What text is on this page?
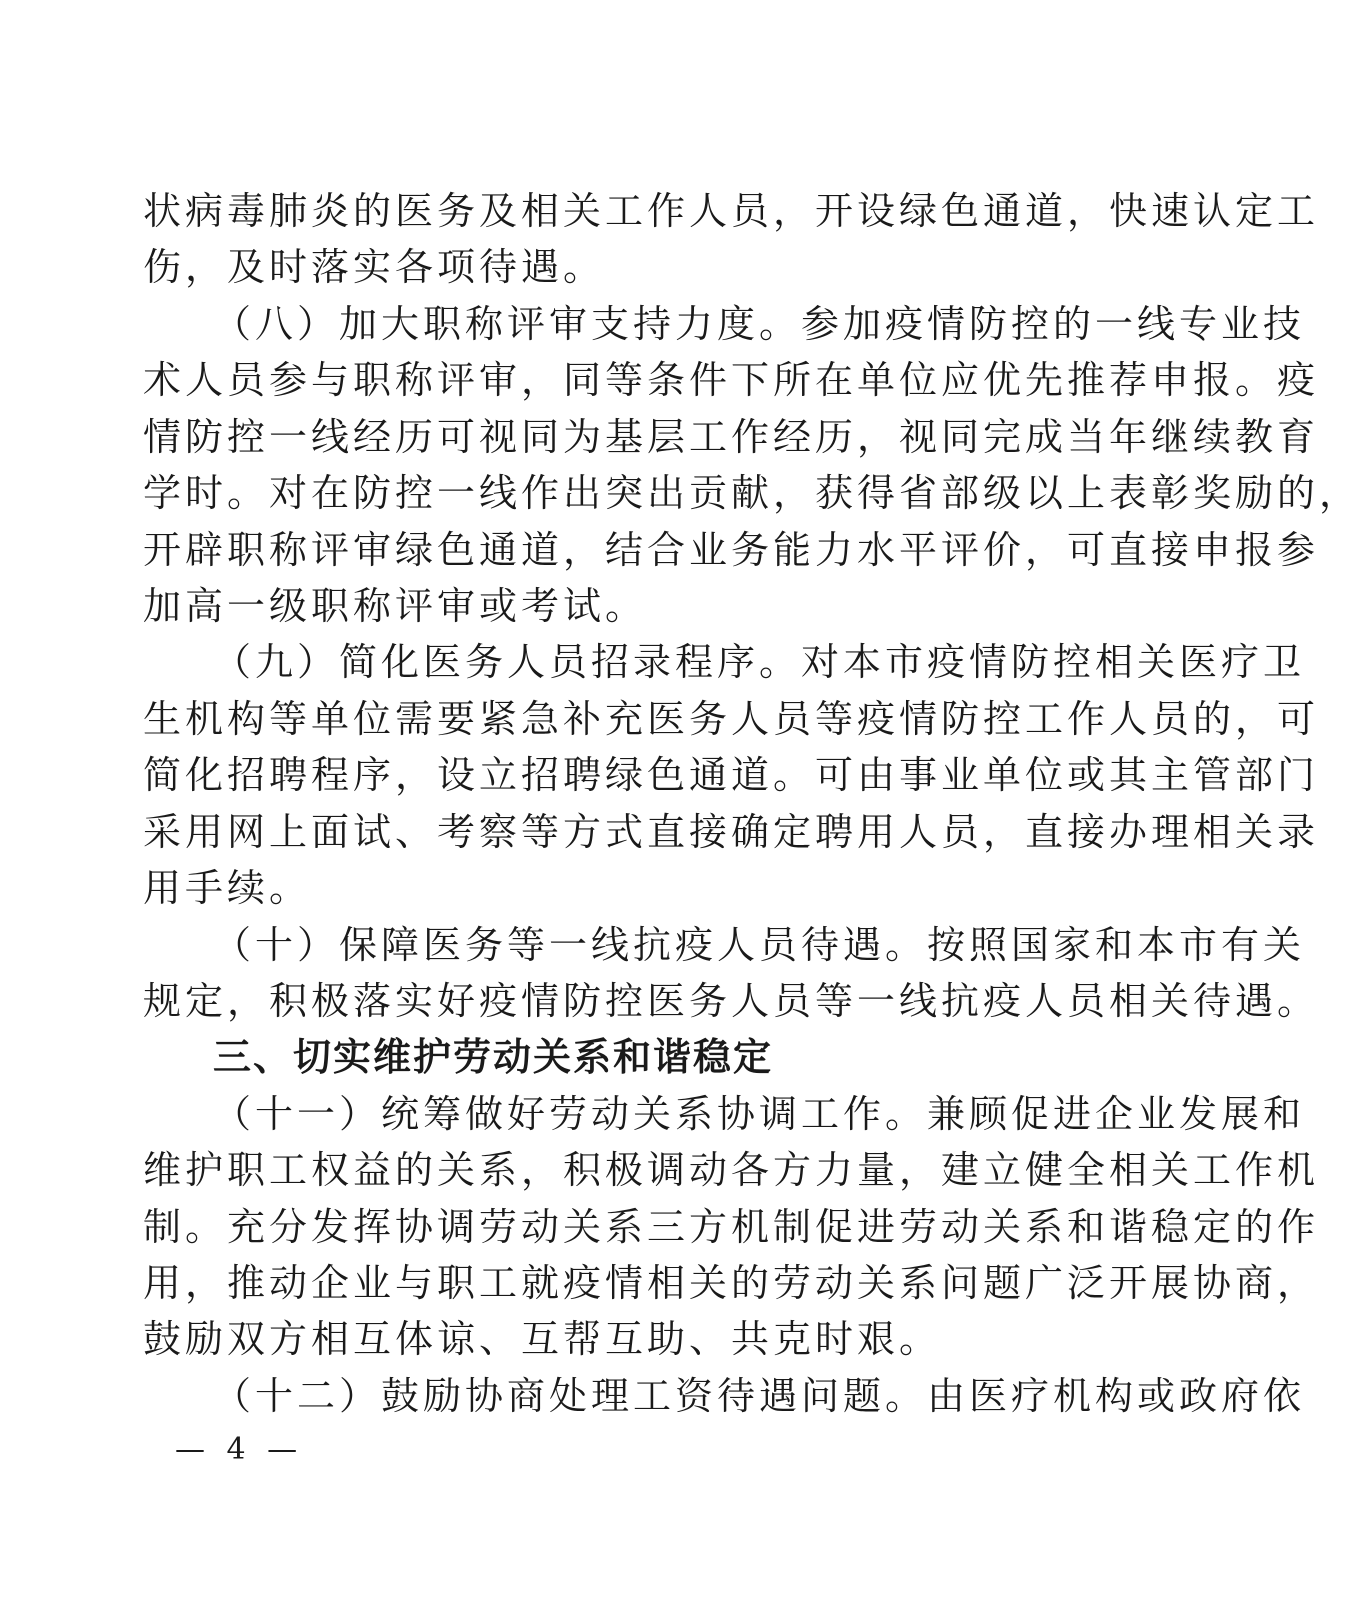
状病毒肺炎的医务及相关工作人员，开设绿色通道，快速认定工
伤，及时落实各项待遇。
（八）加大职称评审支持力度。参加疫情防控的一线专业技
术人员参与职称评审，同等条件下所在单位应优先推荐申报。疫
情防控一线经历可视同为基层工作经历，视同完成当年继续教育
学时。对在防控一线作出突出贡献，获得省部级以上表彰奖励的，
开辟职称评审绿色通道，结合业务能力水平评价，可直接申报参
加高一级职称评审或考试。
（九）简化医务人员招录程序。对本市疫情防控相关医疗卫
生机构等单位需要紧急补充医务人员等疫情防控工作人员的，可
简化招聘程序，设立招聘绿色通道。可由事业单位或其主管部门
采用网上面试、考察等方式直接确定聘用人员，直接办理相关录
用手续。
（十）保障医务等一线抗疫人员待遇。按照国家和本市有关
规定，积极落实好疫情防控医务人员等一线抗疫人员相关待遇。
三、切实维护劳动关系和谐稳定
（十一）统筹做好劳动关系协调工作。兼顾促进企业发展和
维护职工权益的关系，积极调动各方力量，建立健全相关工作机
制。充分发挥协调劳动关系三方机制促进劳动关系和谐稳定的作
用，推动企业与职工就疫情相关的劳动关系问题广泛开展协商，
鼓励双方相互体谅、互帮互助、共克时艰。
（十二）鼓励协商处理工资待遇问题。由医疗机构或政府依
— 4 —
